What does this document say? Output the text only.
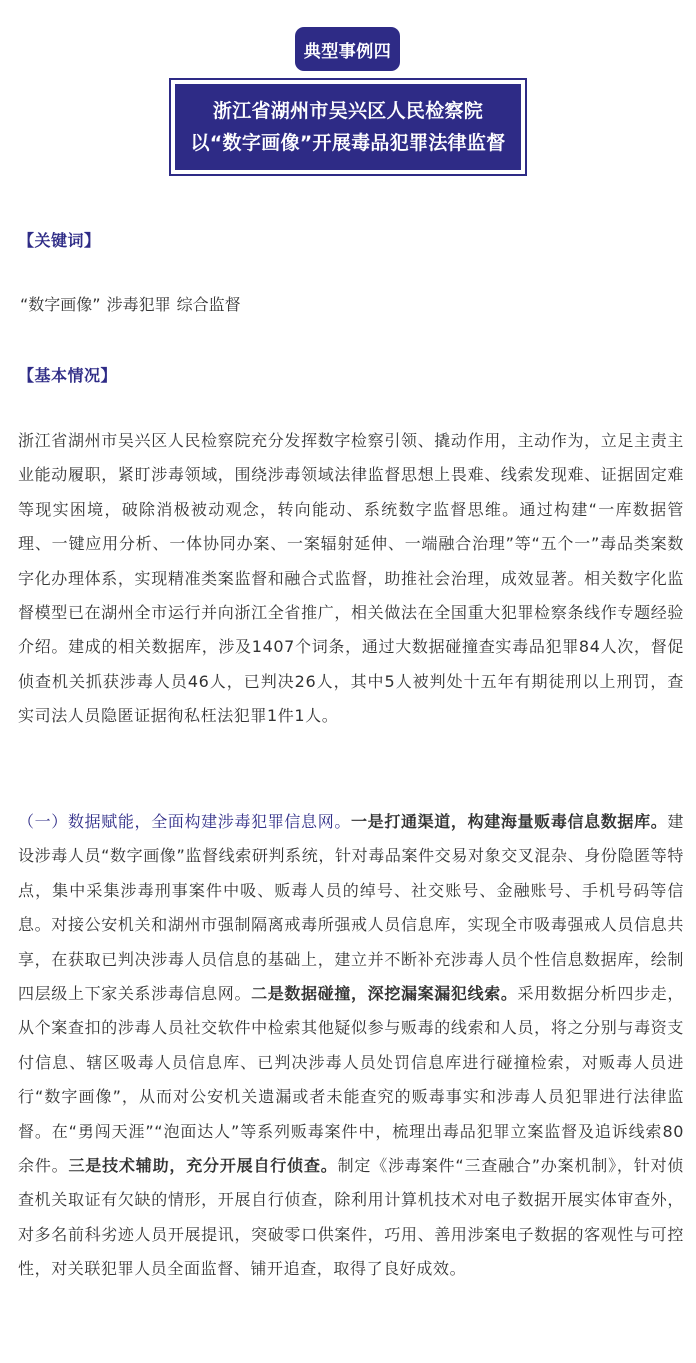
典型事例四
浙江省湖州市吴兴区人民检察院
以“数字画像”开展毒品犯罪法律监督
【关键词】
“数字画像” 涉毒犯罪 综合监督
【基本情况】
浙江省湖州市吴兴区人民检察院充分发挥数字检察引领、撬动作用，主动作为，立足主责主业能动履职，紧盯涉毒领域，围绕涉毒领域法律监督思想上畏难、线索发现难、证据固定难等现实困境，破除消极被动观念，转向能动、系统数字监督思维。通过构建“一库数据管理、一键应用分析、一体协同办案、一案辐射延伸、一端融合治理”等“五个一”毒品类案数字化办理体系，实现精准类案监督和融合式监督，助推社会治理，成效显著。相关数字化监督模型已在湖州全市运行并向浙江全省推广，相关做法在全国重大犯罪检察条线作专题经验介绍。建成的相关数据库，涉及1407个词条，通过大数据碰撞查实毒品犯罪84人次，督促侦查机关抓获涉毒人员46人，已判决26人，其中5人被判处十五年有期徒刑以上刑罚，查实司法人员隐匿证据徇私枉法犯罪1件1人。
（一）数据赋能，全面构建涉毒犯罪信息网。一是打通渠道，构建海量贩毒信息数据库。建设涉毒人员“数字画像”监督线索研判系统，针对毒品案件交易对象交叉混杂、身份隐匿等特点，集中采集涉毒刑事案件中吸、贩毒人员的绰号、社交账号、金融账号、手机号码等信息。对接公安机关和湖州市强制隔离戒毒所强戒人员信息库，实现全市吸毒强戒人员信息共享，在获取已判决涉毒人员信息的基础上，建立并不断补充涉毒人员个性信息数据库，绘制四层级上下家关系涉毒信息网。二是数据碰撞，深挖漏案漏犯线索。采用数据分析四步走，从个案查扣的涉毒人员社交软件中检索其他疑似参与贩毒的线索和人员，将之分别与毒资支付信息、辖区吸毒人员信息库、已判决涉毒人员处罚信息库进行碰撞检索，对贩毒人员进行“数字画像”，从而对公安机关遗漏或者未能查究的贩毒事实和涉毒人员犯罪进行法律监督。在“勇闯天涯”“泡面达人”等系列贩毒案件中，梳理出毒品犯罪立案监督及追诉线索80余件。三是技术辅助，充分开展自行侦查。制定《涉毒案件“三查融合”办案机制》，针对侦查机关取证有欠缺的情形，开展自行侦查，除利用计算机技术对电子数据开展实体审查外，对多名前科劣迹人员开展提讯，突破零口供案件，巧用、善用涉案电子数据的客观性与可控性，对关联犯罪人员全面监督、铺开追查，取得了良好成效。
